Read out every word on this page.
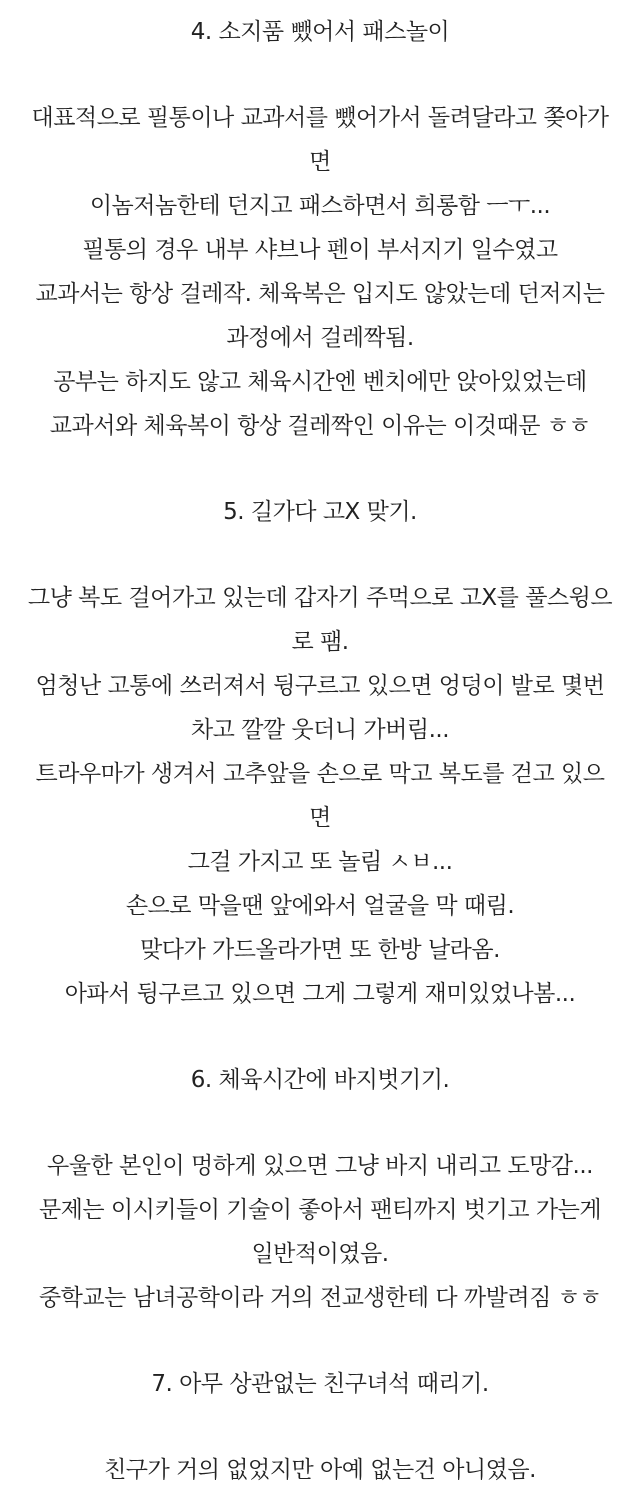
4. 소지품 뺐어서 패스놀이
대표적으로 필통이나 교과서를 뺐어가서 돌려달라고 쫒아가
면
이놈저놈한테 던지고 패스하면서 희롱함 ㅡㅜ...
필통의 경우 내부 샤브나 펜이 부서지기 일수였고
교과서는 항상 걸레작. 체육복은 입지도 않았는데 던저지는
과정에서 걸레짝됨.
공부는 하지도 않고 체육시간엔 벤치에만 앉아있었는데
교과서와 체육복이 항상 걸레짝인 이유는 이것때문 ㅎㅎ
5. 길가다 고X 맞기.
그냥 복도 걸어가고 있는데 갑자기 주먹으로 고X를 풀스윙으
로 팸.
엄청난 고통에 쓰러져서 뒹구르고 있으면 엉덩이 발로 몇번
차고 깔깔 웃더니 가버림...
트라우마가 생겨서 고추앞을 손으로 막고 복도를 걷고 있으
면
그걸 가지고 또 놀림 ㅅㅂ...
손으로 막을땐 앞에와서 얼굴을 막 때림.
맞다가 가드올라가면 또 한방 날라옴.
아파서 뒹구르고 있으면 그게 그렇게 재미있었나봄...
6. 체육시간에 바지벗기기.
우울한 본인이 멍하게 있으면 그냥 바지 내리고 도망감...
문제는 이시키들이 기술이 좋아서 팬티까지 벗기고 가는게
일반적이였음.
중학교는 남녀공학이라 거의 전교생한테 다 까발려짐 ㅎㅎ
7. 아무 상관없는 친구녀석 때리기.
친구가 거의 없었지만 아예 없는건 아니였음.
